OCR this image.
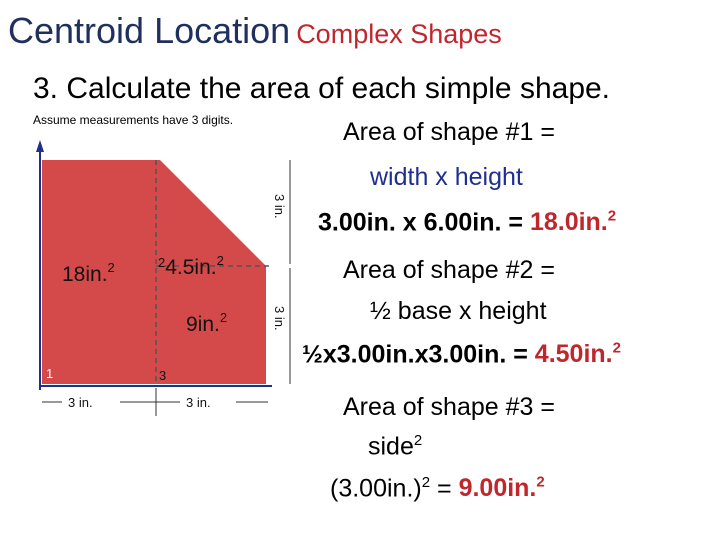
Centroid Location Complex Shapes
3. Calculate the area of each simple shape.
Assume measurements have 3 digits.
18in.$^2$	$^2$4.5in.$^2$
9in.$^2$
1	3
3 in.	3 in.
3 in.
3 in.
Area of shape #1 =
width x height
3.00in. x 6.00in. = 18.0in.$^2$
Area of shape #2 =
½ base x height
½x3.00in.x3.00in. = 4.50in.$^2$
Area of shape #3 =
side$^2$
$(3.00in.)^2 = 9.00in.^2$
